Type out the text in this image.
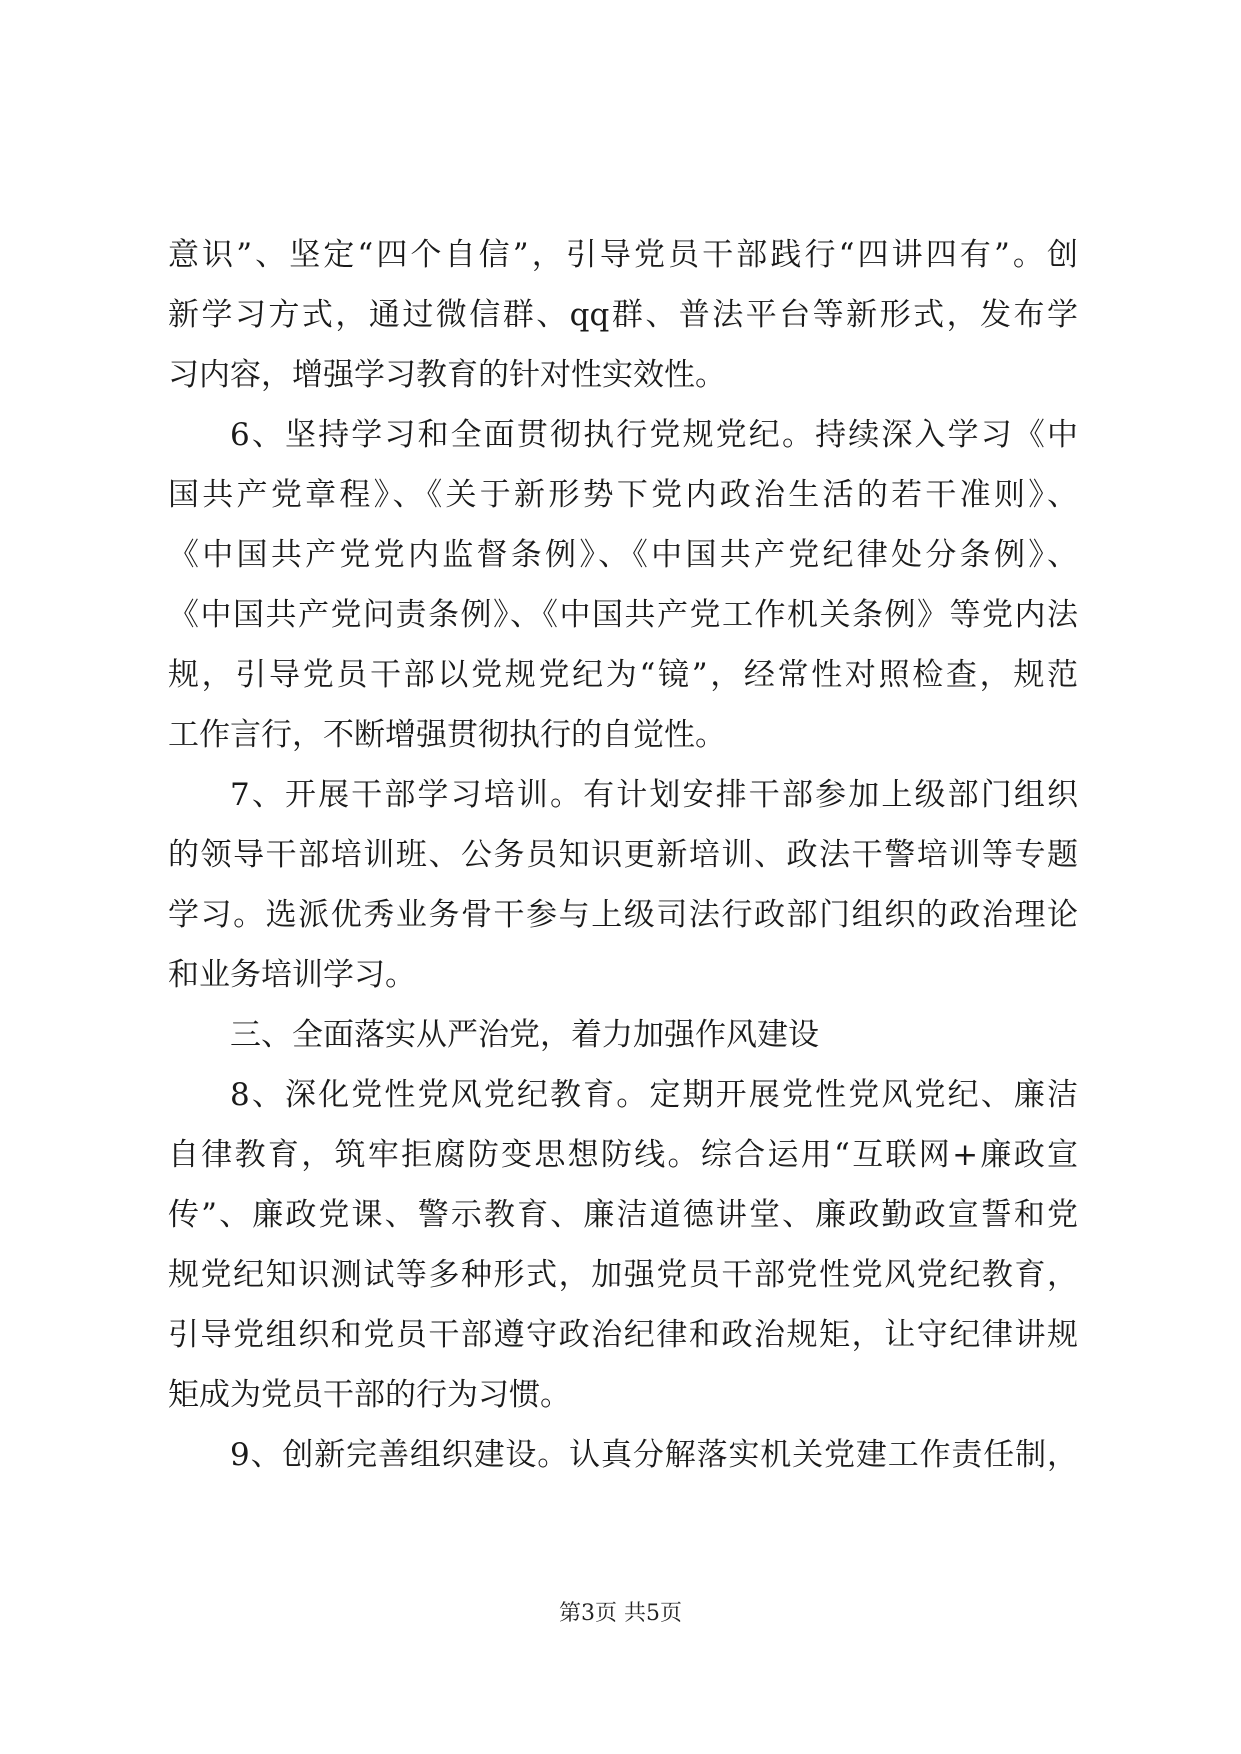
意识”、坚定“四个自信”，引导党员干部践行“四讲四有”。创
新学习方式，通过微信群、qq群、普法平台等新形式，发布学
习内容，增强学习教育的针对性实效性。
6、坚持学习和全面贯彻执行党规党纪。持续深入学习《中
国共产党章程》、《关于新形势下党内政治生活的若干准则》、
《中国共产党党内监督条例》、《中国共产党纪律处分条例》、
《中国共产党问责条例》、《中国共产党工作机关条例》等党内法
规，引导党员干部以党规党纪为“镜”，经常性对照检查，规范
工作言行，不断增强贯彻执行的自觉性。
7、开展干部学习培训。有计划安排干部参加上级部门组织
的领导干部培训班、公务员知识更新培训、政法干警培训等专题
学习。选派优秀业务骨干参与上级司法行政部门组织的政治理论
和业务培训学习。
三、全面落实从严治党，着力加强作风建设
8、深化党性党风党纪教育。定期开展党性党风党纪、廉洁
自律教育，筑牢拒腐防变思想防线。综合运用“互联网+廉政宣
传”、廉政党课、警示教育、廉洁道德讲堂、廉政勤政宣誓和党
规党纪知识测试等多种形式，加强党员干部党性党风党纪教育，
引导党组织和党员干部遵守政治纪律和政治规矩，让守纪律讲规
矩成为党员干部的行为习惯。
9、创新完善组织建设。认真分解落实机关党建工作责任制，
第3页 共5页
